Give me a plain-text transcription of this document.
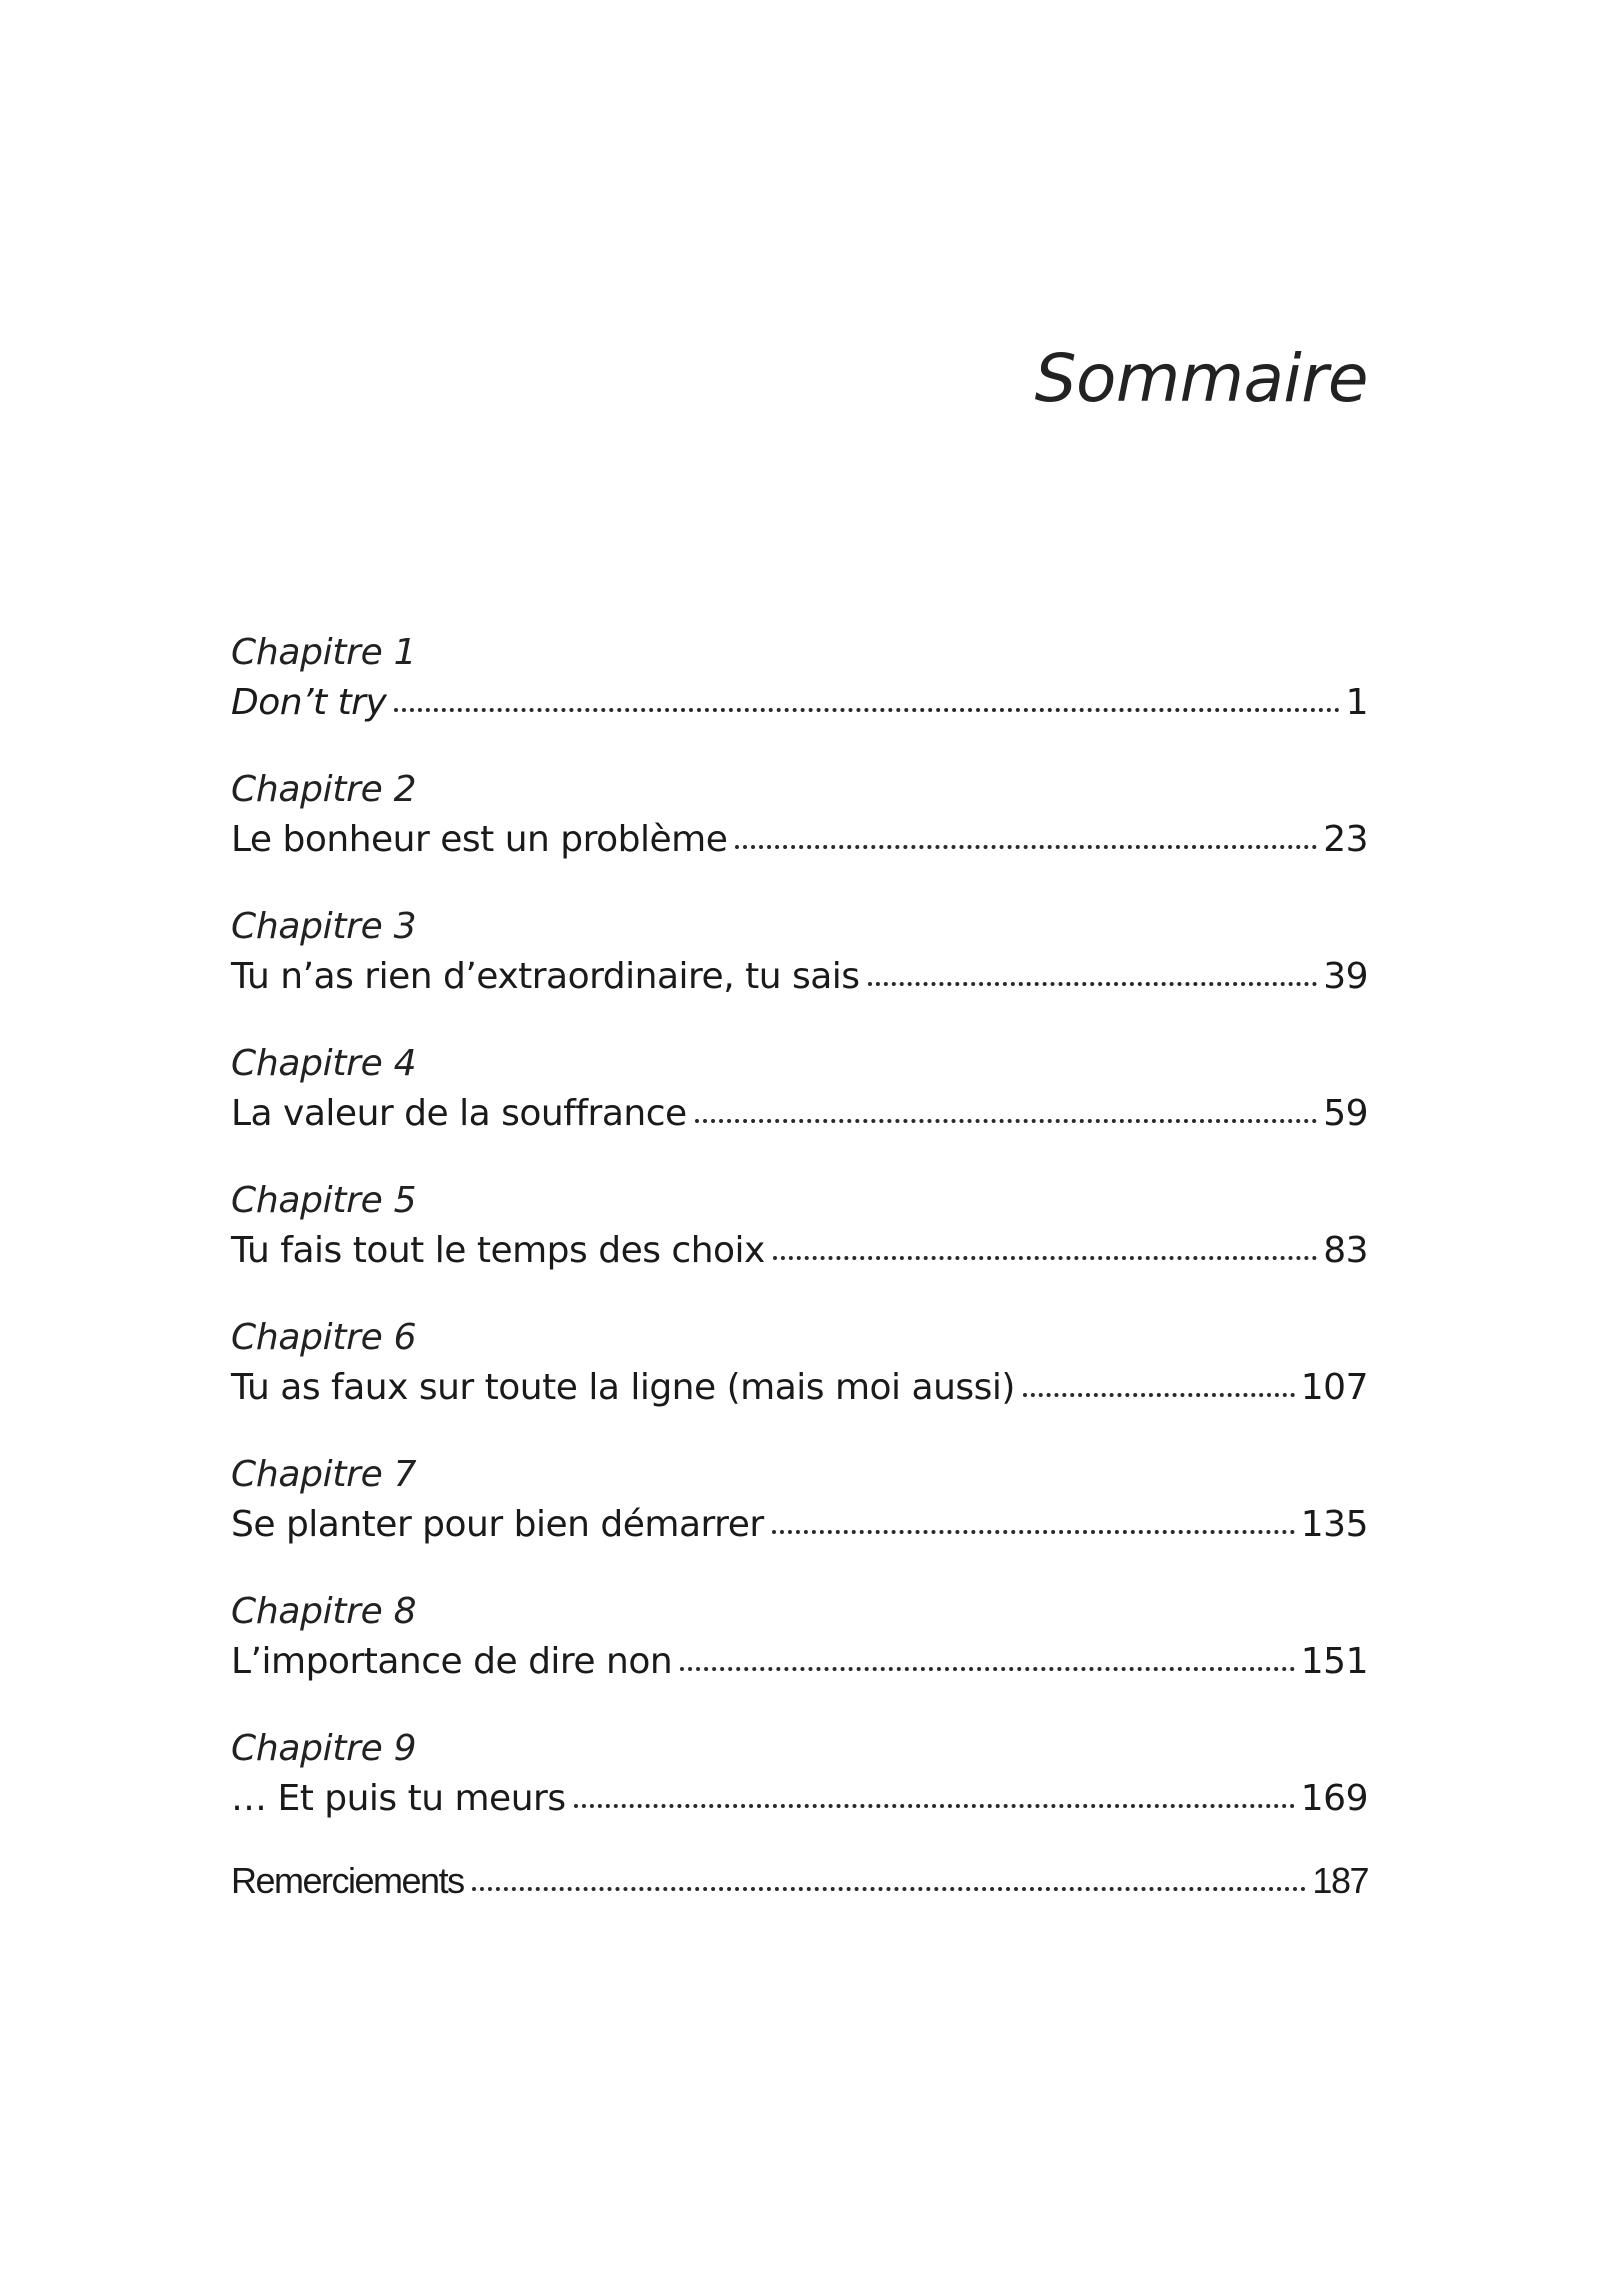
Sommaire
Chapitre 1
Don’t try	1
Chapitre 2
Le bonheur est un problème	23
Chapitre 3
Tu n’as rien d’extraordinaire, tu sais	39
Chapitre 4
La valeur de la souffrance	59
Chapitre 5
Tu fais tout le temps des choix	83
Chapitre 6
Tu as faux sur toute la ligne (mais moi aussi)	107
Chapitre 7
Se planter pour bien démarrer	135
Chapitre 8
L’importance de dire non	151
Chapitre 9
… Et puis tu meurs	169
Remerciements	187
